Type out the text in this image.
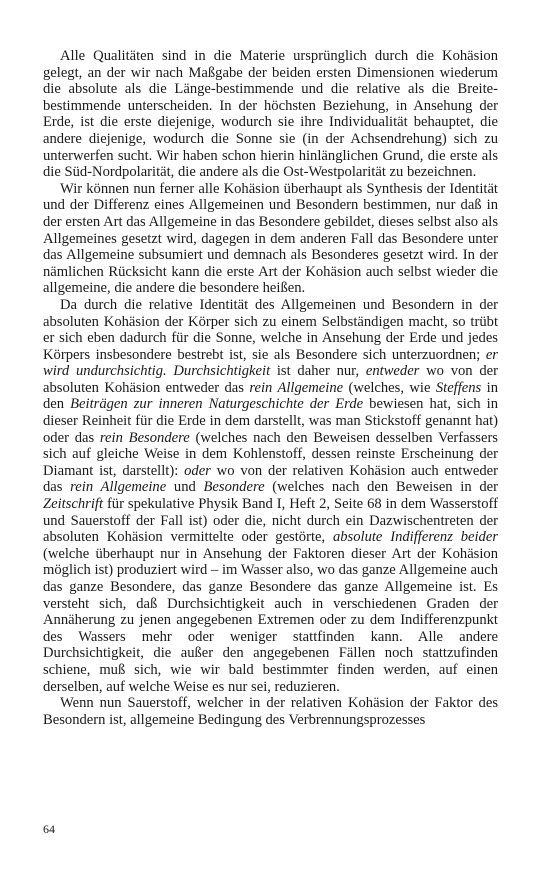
Alle Qualitäten sind in die Materie ursprünglich durch die Kohäsion gelegt, an der wir nach Maßgabe der beiden ersten Dimensionen wiederum die absolute als die Länge-bestimmende und die relative als die Breite-bestimmende unterscheiden. In der höchsten Beziehung, in Ansehung der Erde, ist die erste diejenige, wodurch sie ihre Individualität behauptet, die andere diejenige, wodurch die Sonne sie (in der Achsendrehung) sich zu unterwerfen sucht. Wir haben schon hierin hinlänglichen Grund, die erste als die Süd-Nordpolarität, die andere als die Ost-Westpolarität zu bezeichnen.

Wir können nun ferner alle Kohäsion überhaupt als Synthesis der Identität und der Differenz eines Allgemeinen und Besondern bestimmen, nur daß in der ersten Art das Allgemeine in das Besondere gebildet, dieses selbst also als Allgemeines gesetzt wird, dagegen in dem anderen Fall das Besondere unter das Allgemeine subsumiert und demnach als Besonderes gesetzt wird. In der nämlichen Rücksicht kann die erste Art der Kohäsion auch selbst wieder die allgemeine, die andere die besondere heißen.

Da durch die relative Identität des Allgemeinen und Besondern in der absoluten Kohäsion der Körper sich zu einem Selbständigen macht, so trübt er sich eben dadurch für die Sonne, welche in Ansehung der Erde und jedes Körpers insbesondere bestrebt ist, sie als Besondere sich unterzuordnen; er wird undurchsichtig. Durchsichtigkeit ist daher nur, entweder wo von der absoluten Kohäsion entweder das rein Allgemeine (welches, wie Steffens in den Beiträgen zur inneren Naturgeschichte der Erde bewiesen hat, sich in dieser Reinheit für die Erde in dem darstellt, was man Stickstoff genannt hat) oder das rein Besondere (welches nach den Beweisen desselben Verfassers sich auf gleiche Weise in dem Kohlenstoff, dessen reinste Erscheinung der Diamant ist, darstellt): oder wo von der relativen Kohäsion auch entweder das rein Allgemeine und Besondere (welches nach den Beweisen in der Zeitschrift für spekulative Physik Band I, Heft 2, Seite 68 in dem Wasserstoff und Sauerstoff der Fall ist) oder die, nicht durch ein Dazwischentreten der absoluten Kohäsion vermittelte oder gestörte, absolute Indifferenz beider (welche überhaupt nur in Ansehung der Faktoren dieser Art der Kohäsion möglich ist) produziert wird – im Wasser also, wo das ganze Allgemeine auch das ganze Besondere, das ganze Besondere das ganze Allgemeine ist. Es versteht sich, daß Durchsichtigkeit auch in verschiedenen Graden der Annäherung zu jenen angegebenen Extremen oder zu dem Indifferenzpunkt des Wassers mehr oder weniger stattfinden kann. Alle andere Durchsichtigkeit, die außer den angegebenen Fällen noch stattzufinden schiene, muß sich, wie wir bald bestimmter finden werden, auf einen derselben, auf welche Weise es nur sei, reduzieren.

Wenn nun Sauerstoff, welcher in der relativen Kohäsion der Faktor des Besondern ist, allgemeine Bedingung des Verbrennungsprozesses

64
